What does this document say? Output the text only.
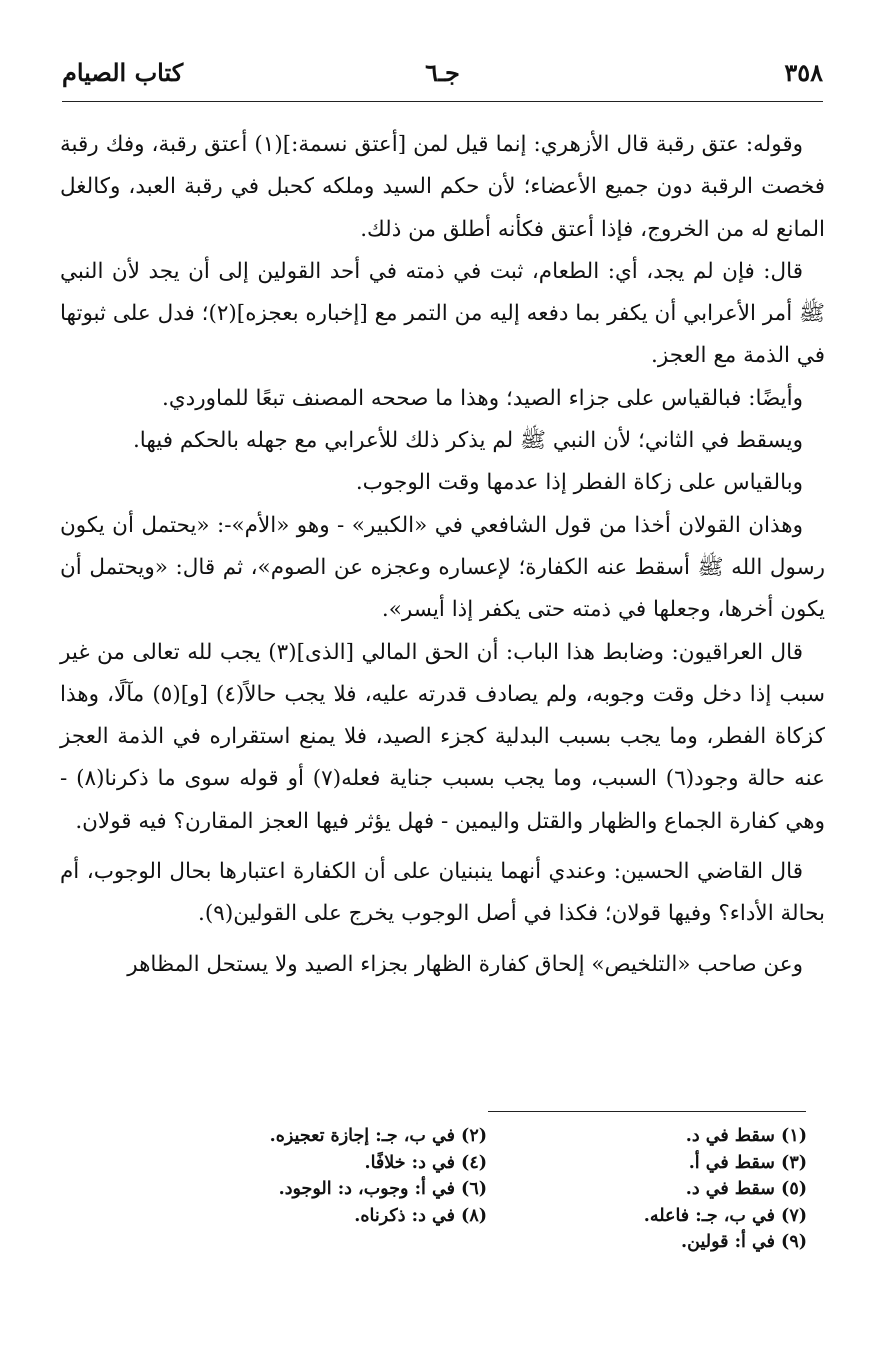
٣٥٨
جـ٦
كتاب الصيام

وقوله: عتق رقبة قال الأزهري: إنما قيل لمن [أعتق نسمة:](١) أعتق رقبة، وفك رقبة فخصت الرقبة دون جميع الأعضاء؛ لأن حكم السيد وملكه كحبل في رقبة العبد، وكالغل المانع له من الخروج، فإذا أعتق فكأنه أطلق من ذلك.

قال: فإن لم يجد، أي: الطعام، ثبت في ذمته في أحد القولين إلى أن يجد لأن النبي ﷺ أمر الأعرابي أن يكفر بما دفعه إليه من التمر مع [إخباره بعجزه](٢)؛ فدل على ثبوتها في الذمة مع العجز.

وأيضًا: فبالقياس على جزاء الصيد؛ وهذا ما صححه المصنف تبعًا للماوردي.

ويسقط في الثاني؛ لأن النبي ﷺ لم يذكر ذلك للأعرابي مع جهله بالحكم فيها.

وبالقياس على زكاة الفطر إذا عدمها وقت الوجوب.

وهذان القولان أخذا من قول الشافعي في «الكبير» - وهو «الأم»-: «يحتمل أن يكون رسول الله ﷺ أسقط عنه الكفارة؛ لإعساره وعجزه عن الصوم»، ثم قال: «ويحتمل أن يكون أخرها، وجعلها في ذمته حتى يكفر إذا أيسر».

قال العراقيون: وضابط هذا الباب: أن الحق المالي [الذى](٣) يجب لله تعالى من غير سبب إذا دخل وقت وجوبه، ولم يصادف قدرته عليه، فلا يجب حالاً(٤) [و](٥) مآلًا، وهذا كزكاة الفطر، وما يجب بسبب البدلية كجزء الصيد، فلا يمنع استقراره في الذمة العجز عنه حالة وجود(٦) السبب، وما يجب بسبب جناية فعله(٧) أو قوله سوى ما ذكرنا(٨) - وهي كفارة الجماع والظهار والقتل واليمين - فهل يؤثر فيها العجز المقارن؟ فيه قولان.

قال القاضي الحسين: وعندي أنهما ينبنيان على أن الكفارة اعتبارها بحال الوجوب، أم بحالة الأداء؟ وفيها قولان؛ فكذا في أصل الوجوب يخرج على القولين(٩).

وعن صاحب «التلخيص» إلحاق كفارة الظهار بجزاء الصيد ولا يستحل المظاهر

(١) سقط في د.
(٢) في ب، جـ: إجازة تعجيزه.
(٣) سقط في أ.
(٤) في د: خلافًا.
(٥) سقط في د.
(٦) في أ: وجوب، د: الوجود.
(٧) في ب، جـ: فاعله.
(٨) في د: ذكرناه.
(٩) في أ: قولين.
